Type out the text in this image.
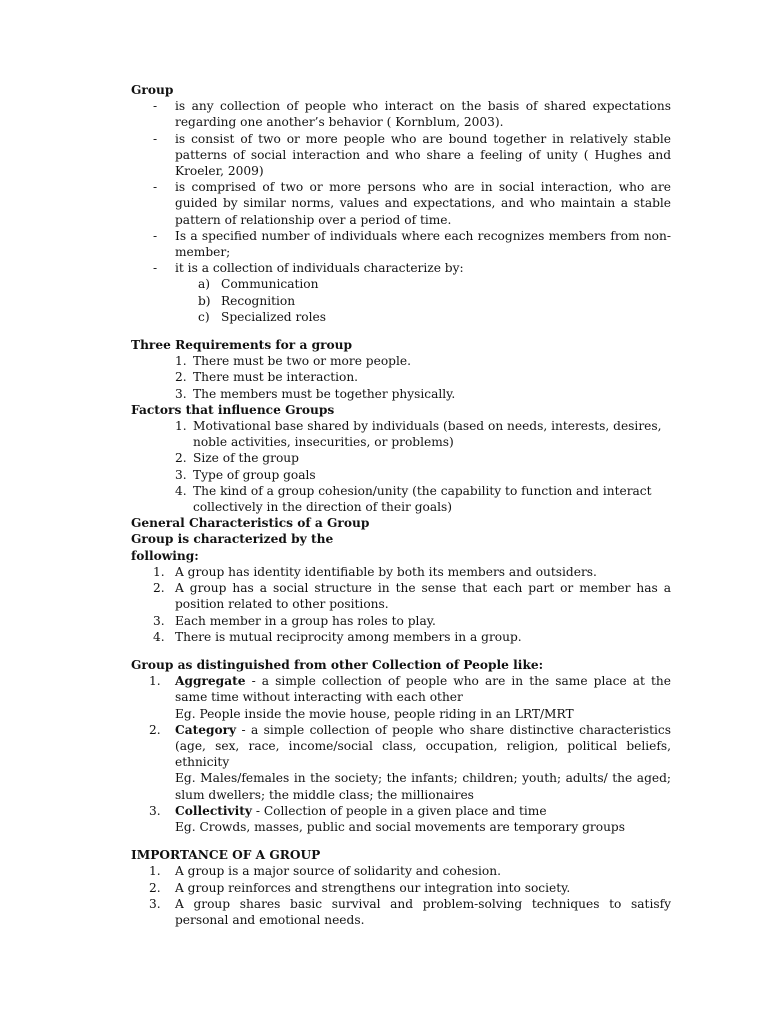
Group

- is any collection of people who interact on the basis of shared expectations regarding one another’s behavior ( Kornblum, 2003).
- is consist of two or more people who are bound together in relatively stable patterns of social interaction and who share a feeling of unity ( Hughes and Kroeler, 2009)
- is comprised of two or more persons who are in social interaction, who are guided by similar norms, values and expectations, and who maintain a stable pattern of relationship over a period of time.
- Is a specified number of individuals where each recognizes members from non- member;
- it is a collection of individuals characterize by:
a) Communication
b) Recognition
c) Specialized roles

Three Requirements for a group

1. There must be two or more people.
2. There must be interaction.
3. The members must be together physically.

Factors that influence Groups

1. Motivational base shared by individuals (based on needs, interests, desires, noble activities, insecurities, or problems)
2. Size of the group
3. Type of group goals
4. The kind of a group cohesion/unity (the capability to function and interact collectively in the direction of their goals)

General Characteristics of a Group

Group is characterized by the
following:

1. A group has identity identifiable by both its members and outsiders.
2. A group has a social structure in the sense that each part or member has a position related to other positions.
3. Each member in a group has roles to play.
4. There is mutual reciprocity among members in a group.

Group as distinguished from other Collection of People like:

1. Aggregate - a simple collection of people who are in the same place at the same time without interacting with each other
Eg. People inside the movie house, people riding in an LRT/MRT
2. Category - a simple collection of people who share distinctive characteristics (age, sex, race, income/social class, occupation, religion, political beliefs, ethnicity
Eg. Males/females in the society; the infants; children; youth; adults/ the aged; slum dwellers; the middle class; the millionaires
3. Collectivity - Collection of people in a given place and time
Eg. Crowds, masses, public and social movements are temporary groups

IMPORTANCE OF A GROUP

1. A group is a major source of solidarity and cohesion.
2. A group reinforces and strengthens our integration into society.
3. A group shares basic survival and problem-solving techniques to satisfy personal and emotional needs.
